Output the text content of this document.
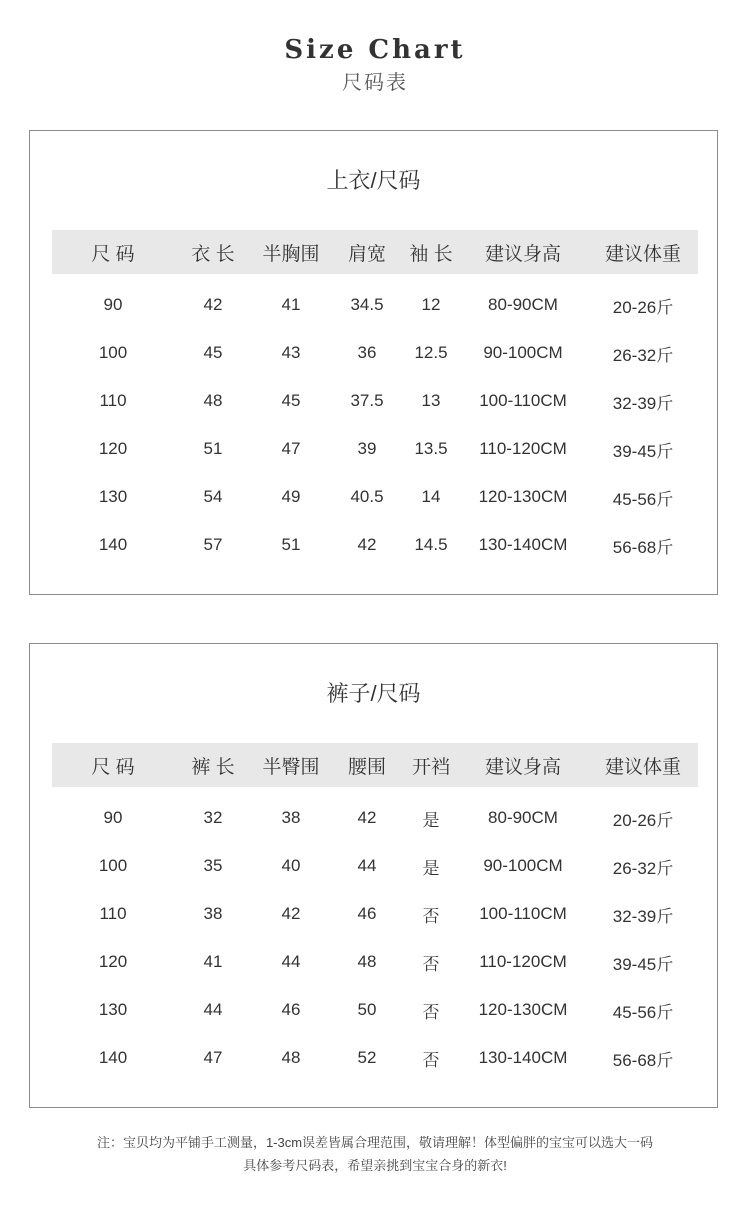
Size Chart
尺码表
上衣/尺码
尺 码	衣 长	半胸围	肩宽	袖 长	建议身高	建议体重
90	42	41	34.5	12	80-90CM	20-26斤
100	45	43	36	12.5	90-100CM	26-32斤
110	48	45	37.5	13	100-110CM	32-39斤
120	51	47	39	13.5	110-120CM	39-45斤
130	54	49	40.5	14	120-130CM	45-56斤
140	57	51	42	14.5	130-140CM	56-68斤
裤子/尺码
尺 码	裤 长	半臀围	腰围	开裆	建议身高	建议体重
90	32	38	42	是	80-90CM	20-26斤
100	35	40	44	是	90-100CM	26-32斤
110	38	42	46	否	100-110CM	32-39斤
120	41	44	48	否	110-120CM	39-45斤
130	44	46	50	否	120-130CM	45-56斤
140	47	48	52	否	130-140CM	56-68斤
注：宝贝均为平铺手工测量，1-3cm误差皆属合理范围，敬请理解！体型偏胖的宝宝可以选大一码
具体参考尺码表，希望亲挑到宝宝合身的新衣!
